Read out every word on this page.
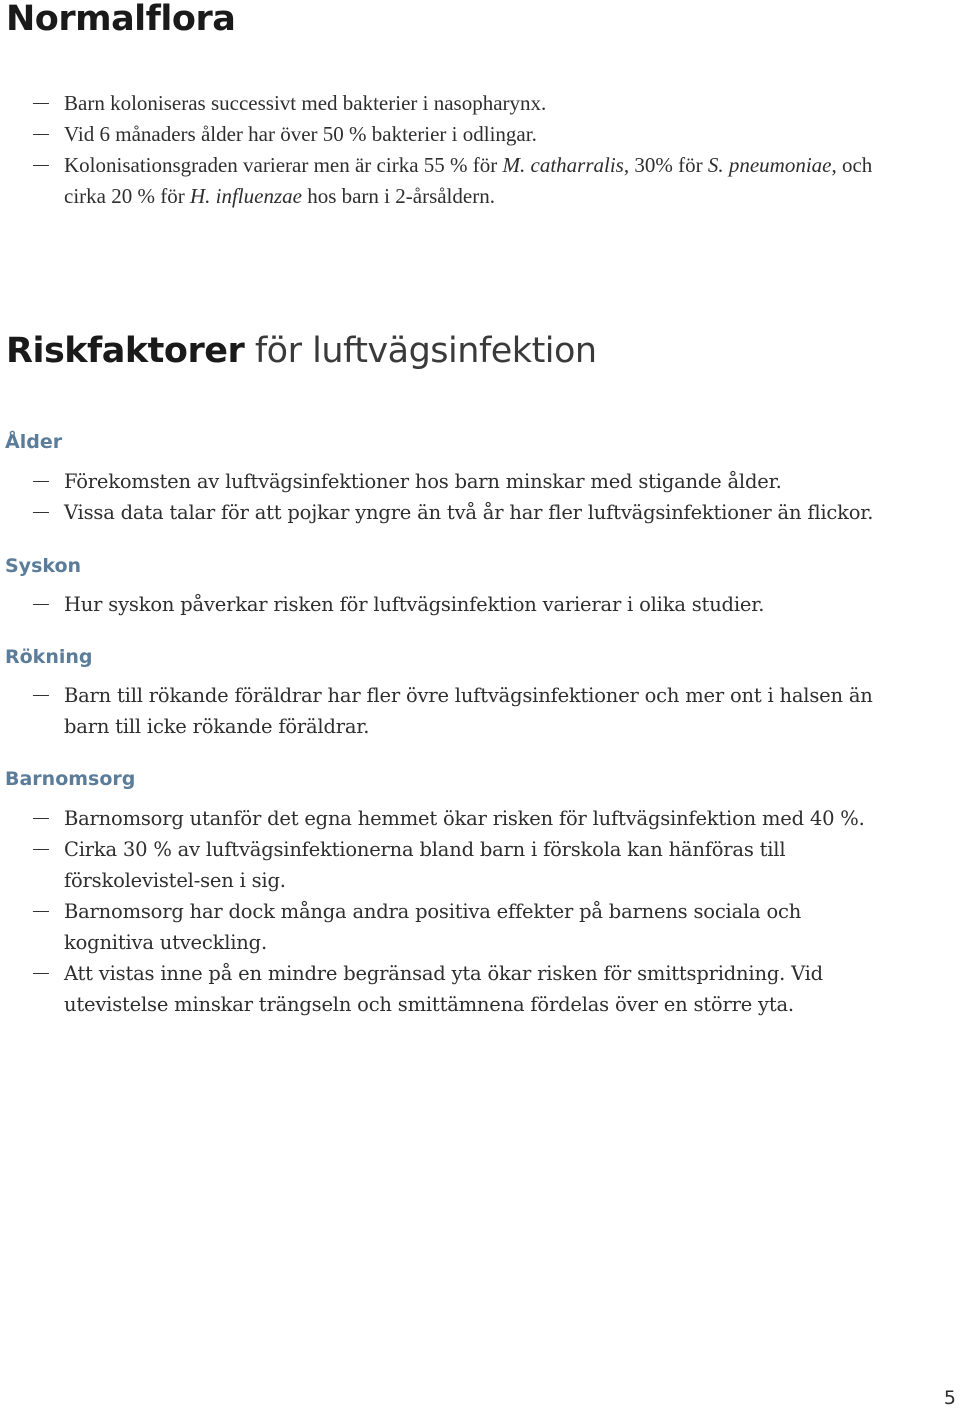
Normalflora
Barn koloniseras successivt med bakterier i nasopharynx.
Vid 6 månaders ålder har över 50 % bakterier i odlingar.
Kolonisationsgraden varierar men är cirka 55 % för M. catharralis, 30% för S. pneumoniae, och cirka 20 % för H. influenzae hos barn i 2-årsåldern.
Riskfaktorer för luftvägsinfektion
Ålder
Förekomsten av luftvägsinfektioner hos barn minskar med stigande ålder.
Vissa data talar för att pojkar yngre än två år har fler luftvägsinfektioner än flickor.
Syskon
Hur syskon påverkar risken för luftvägsinfektion varierar i olika studier.
Rökning
Barn till rökande föräldrar har fler övre luftvägsinfektioner och mer ont i halsen än barn till icke rökande föräldrar.
Barnomsorg
Barnomsorg utanför det egna hemmet ökar risken för luftvägsinfektion med 40 %.
Cirka 30 % av luftvägsinfektionerna bland barn i förskola kan hänföras till förskolevistel-sen i sig.
Barnomsorg har dock många andra positiva effekter på barnens sociala och kognitiva utveckling.
Att vistas inne på en mindre begränsad yta ökar risken för smittspridning. Vid utevistelse minskar trängseln och smittämnena fördelas över en större yta.
5
